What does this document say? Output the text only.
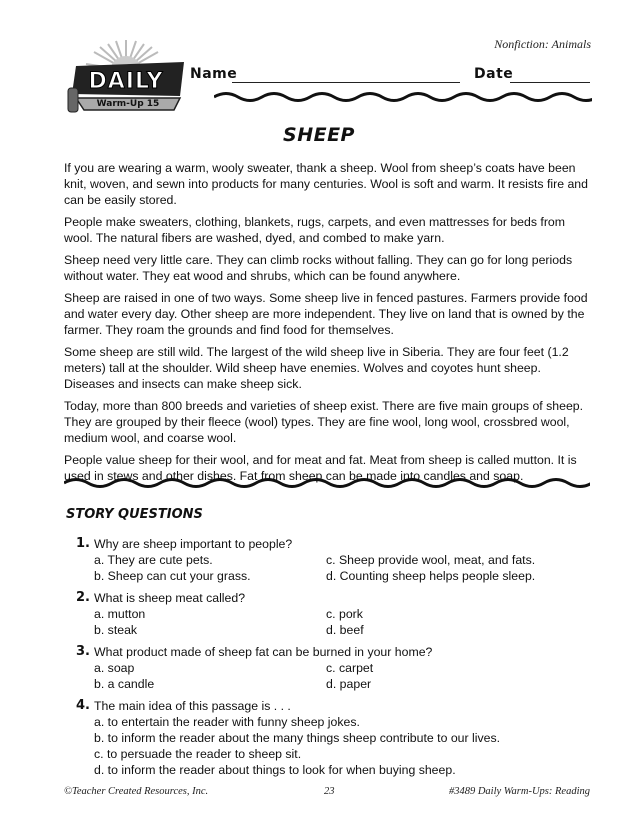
Nonfiction: Animals
DAILY
Warm-Up 15
Name	Date
SHEEP

If you are wearing a warm, wooly sweater, thank a sheep. Wool from sheep’s coats have been knit, woven, and sewn into products for many centuries. Wool is soft and warm. It resists fire and can be easily stored.

People make sweaters, clothing, blankets, rugs, carpets, and even mattresses for beds from wool. The natural fibers are washed, dyed, and combed to make yarn.

Sheep need very little care. They can climb rocks without falling. They can go for long periods without water. They eat wood and shrubs, which can be found anywhere.

Sheep are raised in one of two ways. Some sheep live in fenced pastures. Farmers provide food and water every day. Other sheep are more independent. They live on land that is owned by the farmer. They roam the grounds and find food for themselves.

Some sheep are still wild. The largest of the wild sheep live in Siberia. They are four feet (1.2 meters) tall at the shoulder. Wild sheep have enemies. Wolves and coyotes hunt sheep. Diseases and insects can make sheep sick.

Today, more than 800 breeds and varieties of sheep exist. There are five main groups of sheep. They are grouped by their fleece (wool) types. They are fine wool, long wool, crossbred wool, medium wool, and coarse wool.

People value sheep for their wool, and for meat and fat. Meat from sheep is called mutton. It is used in stews and other dishes. Fat from sheep can be made into candles and soap.

STORY QUESTIONS
1. Why are sheep important to people?
a. They are cute pets.	c. Sheep provide wool, meat, and fats.
b. Sheep can cut your grass.	d. Counting sheep helps people sleep.
2. What is sheep meat called?
a. mutton	c. pork
b. steak	d. beef
3. What product made of sheep fat can be burned in your home?
a. soap	c. carpet
b. a candle	d. paper
4. The main idea of this passage is . . .
a. to entertain the reader with funny sheep jokes.
b. to inform the reader about the many things sheep contribute to our lives.
c. to persuade the reader to sheep sit.
d. to inform the reader about things to look for when buying sheep.
©Teacher Created Resources, Inc.	23	#3489 Daily Warm-Ups: Reading
